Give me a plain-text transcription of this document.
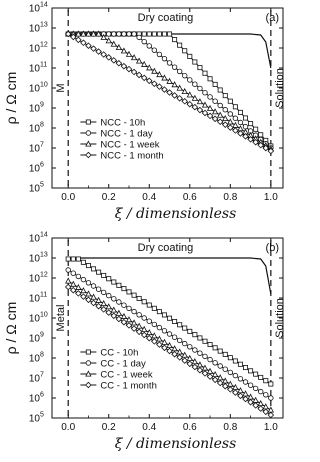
0.0	0.2	0.4	0.6	0.8	1.0
10 5
10 6
10 7
10 8
10 9
10 10
10 11
10 12
10 13
10 14
ξ / dimensionless
ρ / Ω cm
Dry coating	(a)
M	Solution
NCC - 10h
NCC - 1 day
NCC - 1 week
NCC - 1 month
0.0	0.2	0.4	0.6	0.8	1.0
10 5
10 6
10 7
10 8
10 9
10 10
10 11
10 12
10 13
10 14
ξ / dimensionless
ρ / Ω cm
Dry coating	(b)
Metal	Solution
CC - 10h
CC - 1 day
CC - 1 week
CC - 1 month
